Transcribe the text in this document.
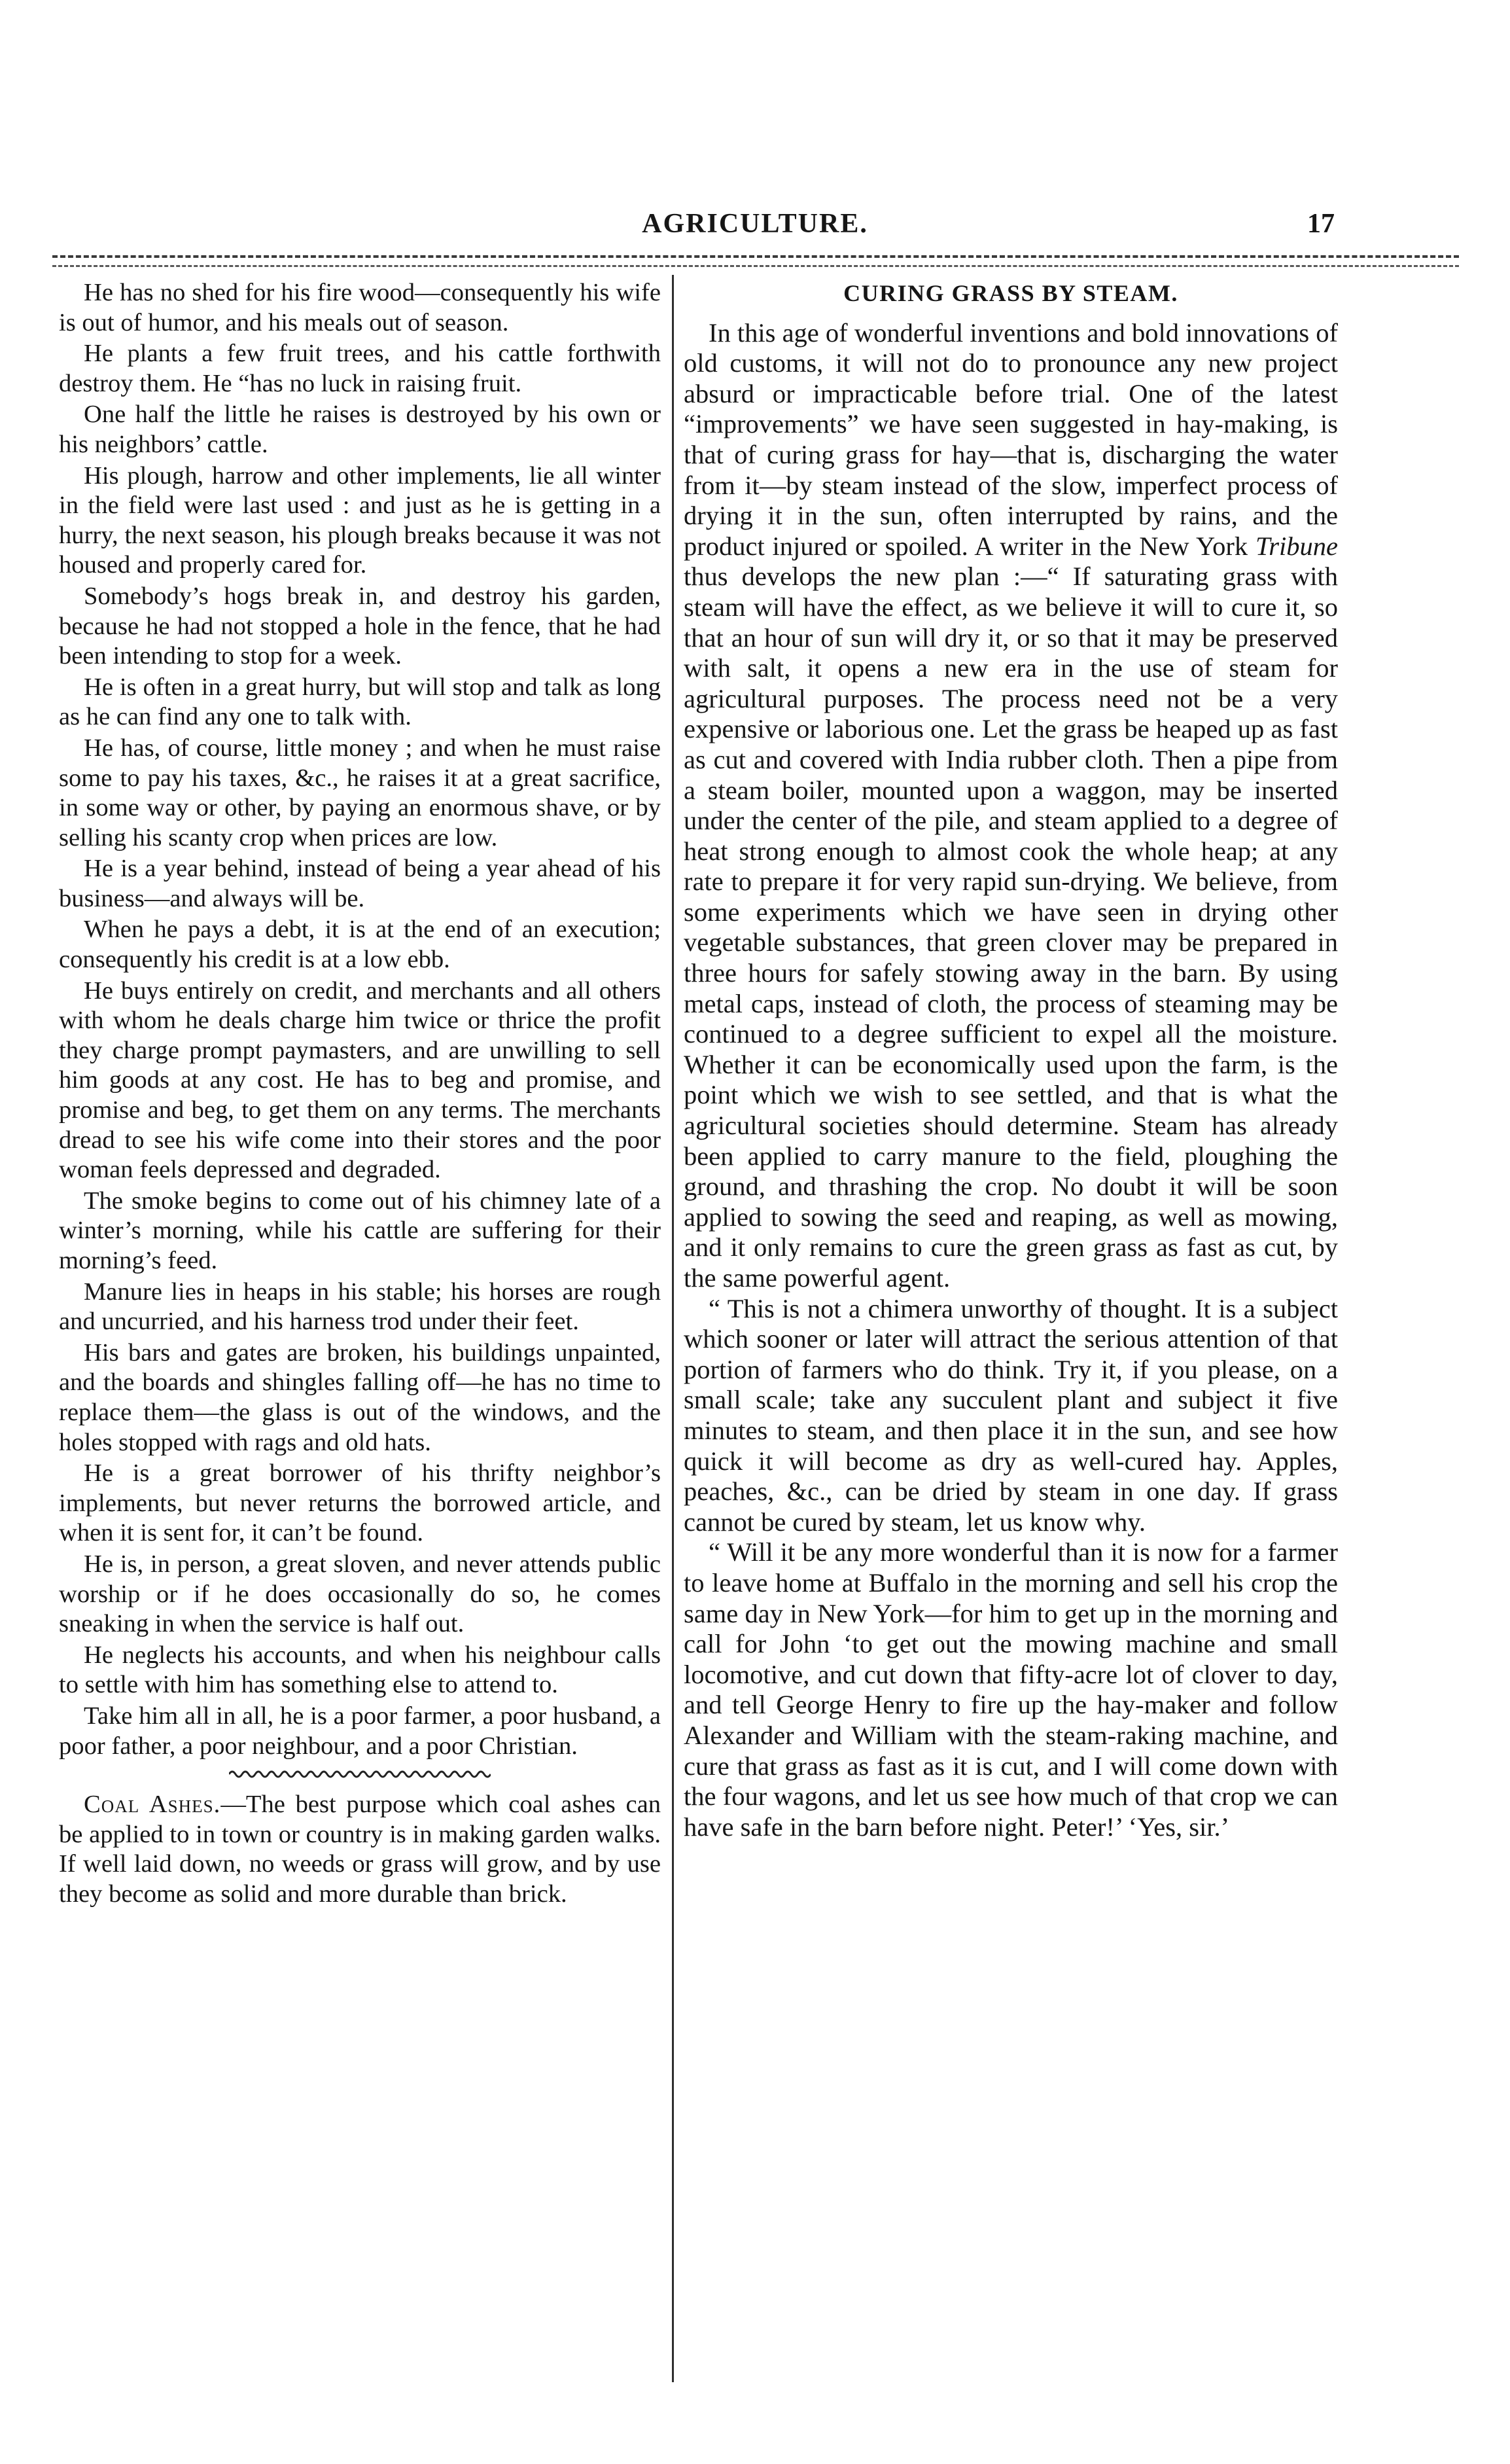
AGRICULTURE.	17

He has no shed for his fire wood—consequently his wife is out of humor, and his meals out of season.

He plants a few fruit trees, and his cattle forthwith destroy them. He “has no luck in raising fruit.

One half the little he raises is destroyed by his own or his neighbors’ cattle.

His plough, harrow and other implements, lie all winter in the field were last used : and just as he is getting in a hurry, the next season, his plough breaks because it was not housed and properly cared for.

Somebody’s hogs break in, and destroy his garden, because he had not stopped a hole in the fence, that he had been intending to stop for a week.

He is often in a great hurry, but will stop and talk as long as he can find any one to talk with.

He has, of course, little money ; and when he must raise some to pay his taxes, &c., he raises it at a great sacrifice, in some way or other, by paying an enormous shave, or by selling his scanty crop when prices are low.

He is a year behind, instead of being a year ahead of his business—and always will be.

When he pays a debt, it is at the end of an execution; consequently his credit is at a low ebb.

He buys entirely on credit, and merchants and all others with whom he deals charge him twice or thrice the profit they charge prompt paymasters, and are unwilling to sell him goods at any cost. He has to beg and promise, and promise and beg, to get them on any terms. The merchants dread to see his wife come into their stores and the poor woman feels depressed and degraded.

The smoke begins to come out of his chimney late of a winter’s morning, while his cattle are suffering for their morning’s feed.

Manure lies in heaps in his stable; his horses are rough and uncurried, and his harness trod under their feet.

His bars and gates are broken, his buildings unpainted, and the boards and shingles falling off—he has no time to replace them—the glass is out of the windows, and the holes stopped with rags and old hats.

He is a great borrower of his thrifty neighbor’s implements, but never returns the borrowed article, and when it is sent for, it can’t be found.

He is, in person, a great sloven, and never attends public worship or if he does occasionally do so, he comes sneaking in when the service is half out.

He neglects his accounts, and when his neighbour calls to settle with him has something else to attend to.

Take him all in all, he is a poor farmer, a poor husband, a poor father, a poor neighbour, and a poor Christian.

Coal Ashes.—The best purpose which coal ashes can be applied to in town or country is in making garden walks. If well laid down, no weeds or grass will grow, and by use they become as solid and more durable than brick.

CURING GRASS BY STEAM.

In this age of wonderful inventions and bold innovations of old customs, it will not do to pronounce any new project absurd or impracticable before trial. One of the latest “improvements” we have seen suggested in hay-making, is that of curing grass for hay—that is, discharging the water from it—by steam instead of the slow, imperfect process of drying it in the sun, often interrupted by rains, and the product injured or spoiled. A writer in the New York Tribune thus develops the new plan :—“ If saturating grass with steam will have the effect, as we believe it will to cure it, so that an hour of sun will dry it, or so that it may be preserved with salt, it opens a new era in the use of steam for agricultural purposes. The process need not be a very expensive or laborious one. Let the grass be heaped up as fast as cut and covered with India rubber cloth. Then a pipe from a steam boiler, mounted upon a waggon, may be inserted under the center of the pile, and steam applied to a degree of heat strong enough to almost cook the whole heap; at any rate to prepare it for very rapid sun-drying. We believe, from some experiments which we have seen in drying other vegetable substances, that green clover may be prepared in three hours for safely stowing away in the barn. By using metal caps, instead of cloth, the process of steaming may be continued to a degree sufficient to expel all the moisture. Whether it can be economically used upon the farm, is the point which we wish to see settled, and that is what the agricultural societies should determine. Steam has already been applied to carry manure to the field, ploughing the ground, and thrashing the crop. No doubt it will be soon applied to sowing the seed and reaping, as well as mowing, and it only remains to cure the green grass as fast as cut, by the same powerful agent.

“ This is not a chimera unworthy of thought. It is a subject which sooner or later will attract the serious attention of that portion of farmers who do think. Try it, if you please, on a small scale; take any succulent plant and subject it five minutes to steam, and then place it in the sun, and see how quick it will become as dry as well-cured hay. Apples, peaches, &c., can be dried by steam in one day. If grass cannot be cured by steam, let us know why.

“ Will it be any more wonderful than it is now for a farmer to leave home at Buffalo in the morning and sell his crop the same day in New York—for him to get up in the morning and call for John ‘to get out the mowing machine and small locomotive, and cut down that fifty-acre lot of clover to day, and tell George Henry to fire up the hay-maker and follow Alexander and William with the steam-raking machine, and cure that grass as fast as it is cut, and I will come down with the four wagons, and let us see how much of that crop we can have safe in the barn before night. Peter!’ ‘Yes, sir.’
